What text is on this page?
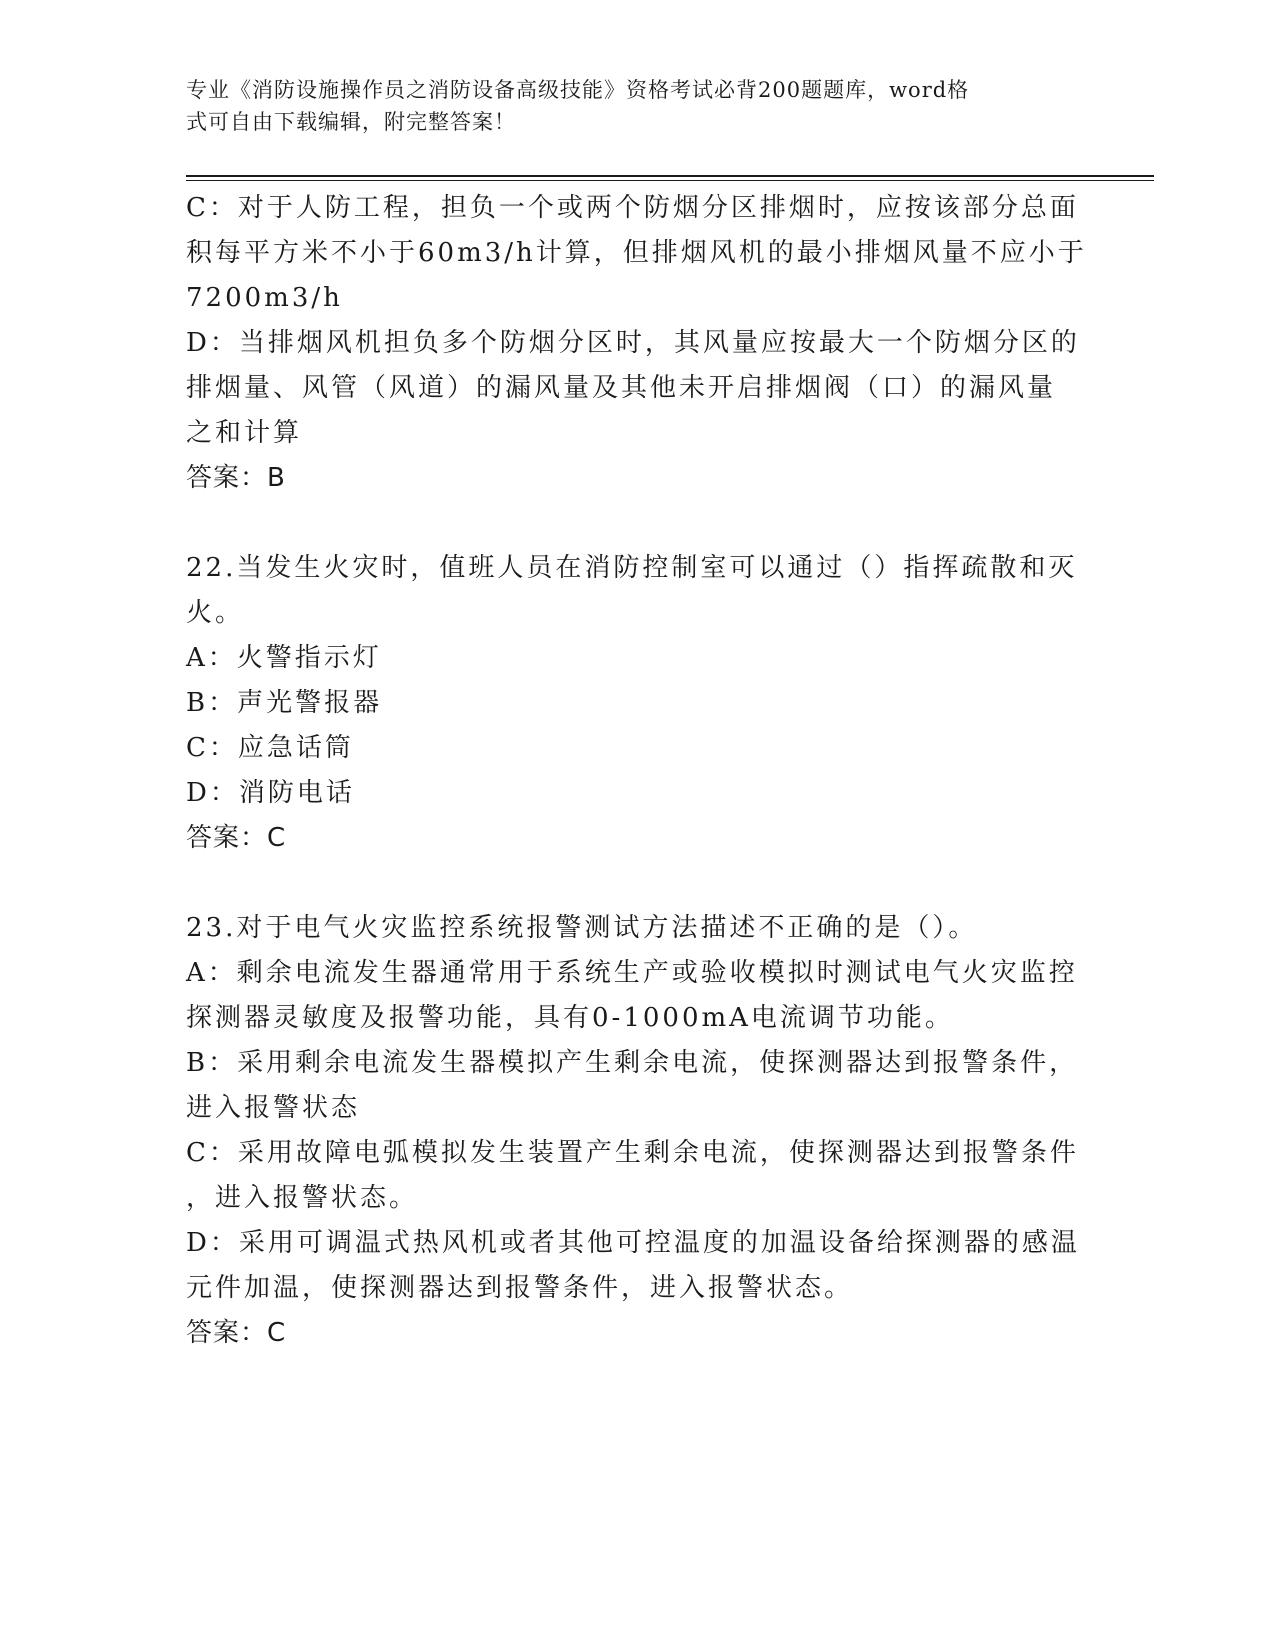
专业《消防设施操作员之消防设备高级技能》资格考试必背200题题库，word格
式可自由下载编辑，附完整答案！
C：对于人防工程，担负一个或两个防烟分区排烟时，应按该部分总面
积每平方米不小于60m3/h计算，但排烟风机的最小排烟风量不应小于
7200m3/h
D：当排烟风机担负多个防烟分区时，其风量应按最大一个防烟分区的
排烟量、风管（风道）的漏风量及其他未开启排烟阀（口）的漏风量
之和计算
答案：B
22.当发生火灾时，值班人员在消防控制室可以通过（）指挥疏散和灭
火。
A：火警指示灯
B：声光警报器
C：应急话筒
D：消防电话
答案：C
23.对于电气火灾监控系统报警测试方法描述不正确的是（）。
A：剩余电流发生器通常用于系统生产或验收模拟时测试电气火灾监控
探测器灵敏度及报警功能，具有0-1000mA电流调节功能。
B：采用剩余电流发生器模拟产生剩余电流，使探测器达到报警条件，
进入报警状态
C：采用故障电弧模拟发生装置产生剩余电流，使探测器达到报警条件
，进入报警状态。
D：采用可调温式热风机或者其他可控温度的加温设备给探测器的感温
元件加温，使探测器达到报警条件，进入报警状态。
答案：C
